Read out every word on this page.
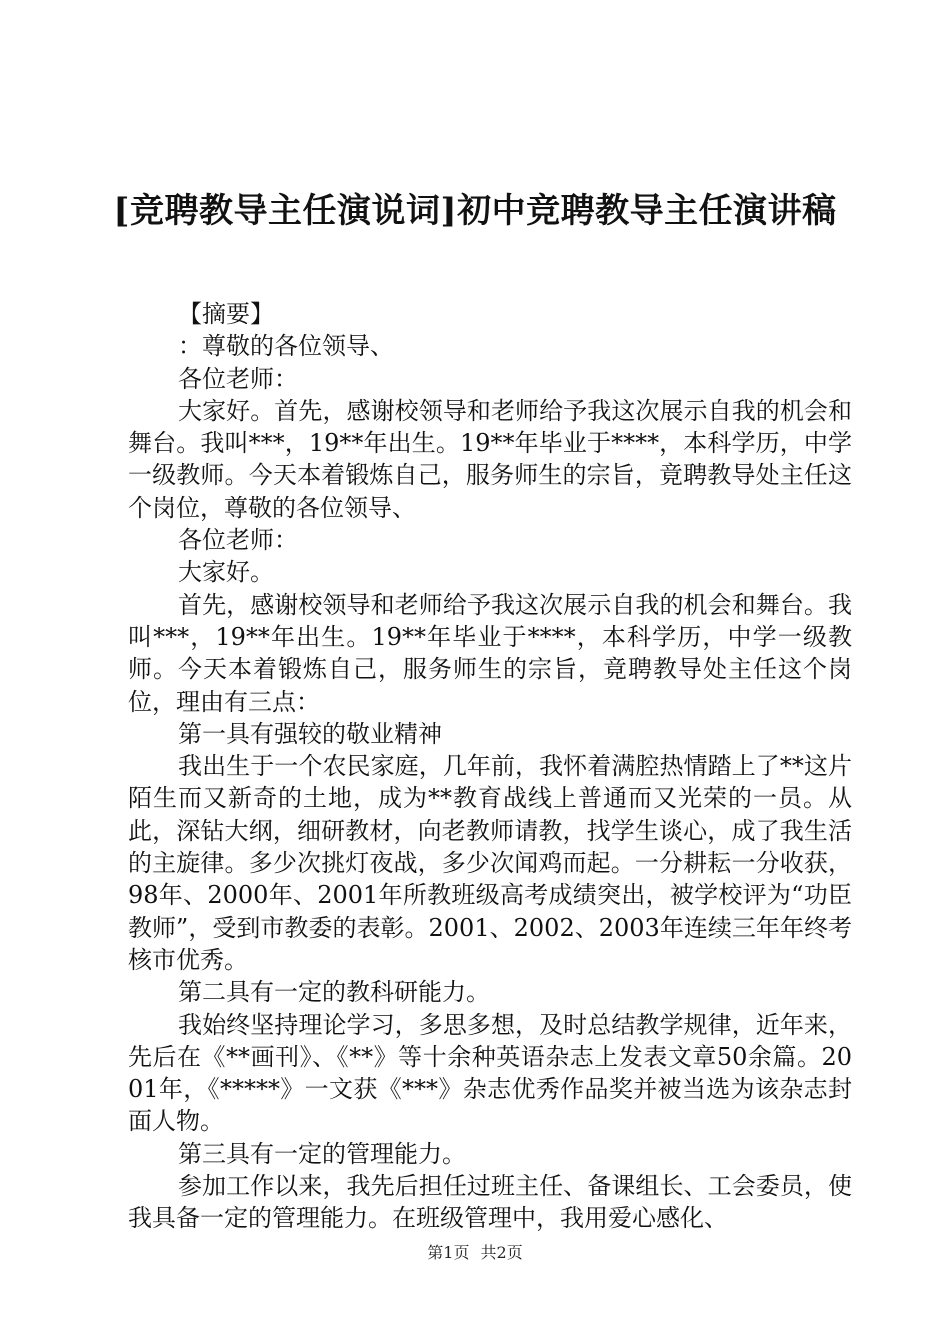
[竞聘教导主任演说词]初中竞聘教导主任演讲稿

【摘要】

：尊敬的各位领导、

各位老师：

大家好。首先，感谢校领导和老师给予我这次展示自我的机会和舞台。我叫***，19**年出生。19**年毕业于****，本科学历，中学一级教师。今天本着锻炼自己，服务师生的宗旨，竟聘教导处主任这个岗位，尊敬的各位领导、

各位老师：

大家好。

首先，感谢校领导和老师给予我这次展示自我的机会和舞台。我叫***，19**年出生。19**年毕业于****，本科学历，中学一级教师。今天本着锻炼自己，服务师生的宗旨，竟聘教导处主任这个岗位，理由有三点：

第一具有强较的敬业精神

我出生于一个农民家庭，几年前，我怀着满腔热情踏上了**这片陌生而又新奇的土地，成为**教育战线上普通而又光荣的一员。从此，深钻大纲，细研教材，向老教师请教，找学生谈心，成了我生活的主旋律。多少次挑灯夜战，多少次闻鸡而起。一分耕耘一分收获，98年、2000年、2001年所教班级高考成绩突出，被学校评为“功臣教师”，受到市教委的表彰。2001、2002、2003年连续三年年终考核市优秀。

第二具有一定的教科研能力。

我始终坚持理论学习，多思多想，及时总结教学规律，近年来，先后在《**画刊》、《**》等十余种英语杂志上发表文章50余篇。2001年，《*****》一文获《***》杂志优秀作品奖并被当选为该杂志封面人物。

第三具有一定的管理能力。

参加工作以来，我先后担任过班主任、备课组长、工会委员，使我具备一定的管理能力。在班级管理中，我用爱心感化、

第1页 共2页
